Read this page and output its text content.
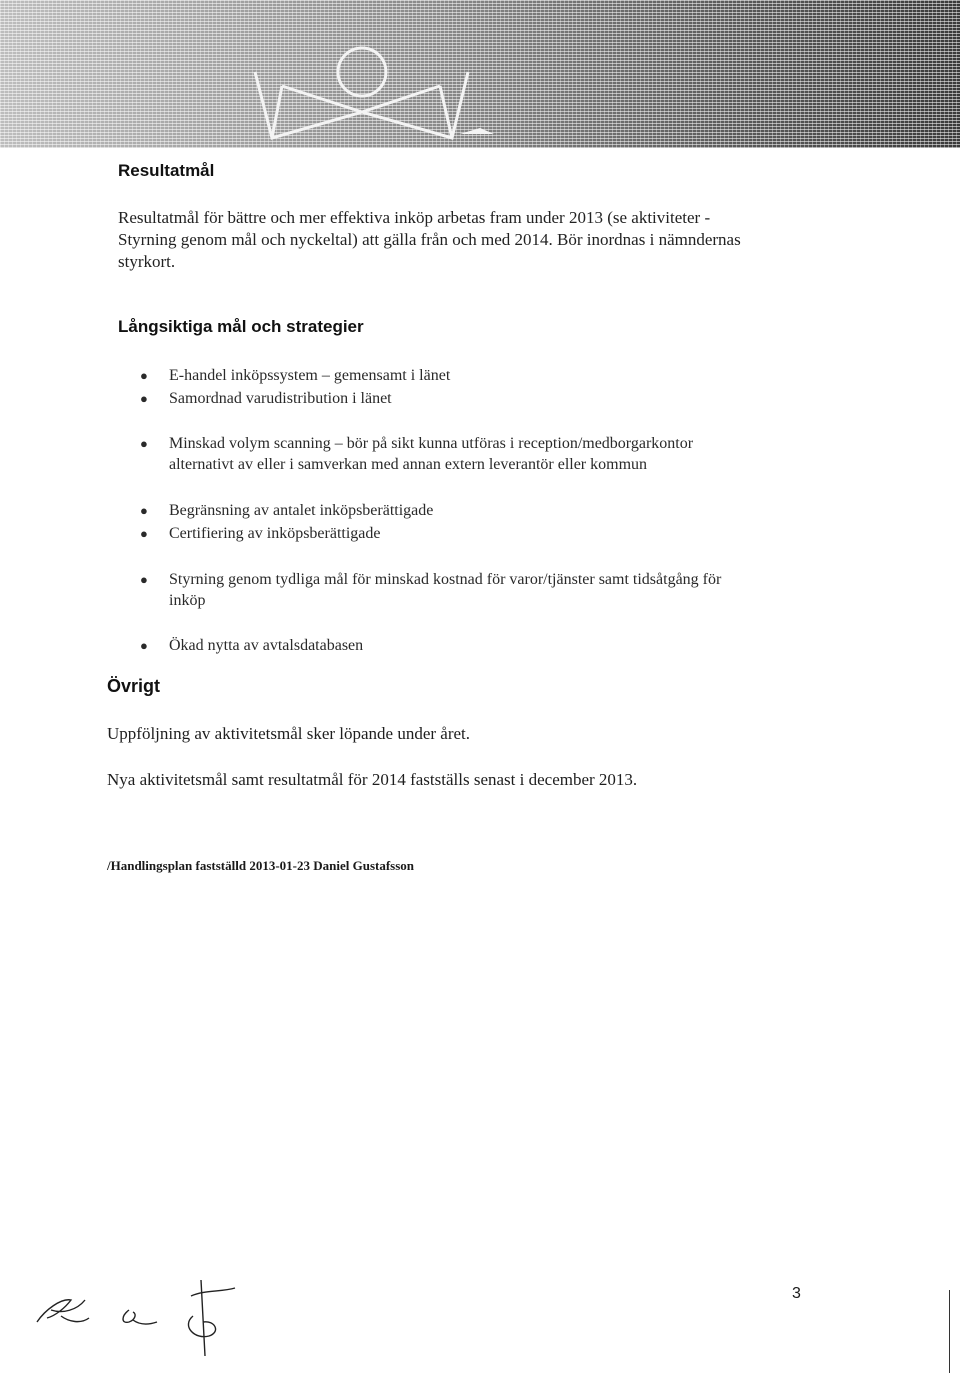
Resultatmål
Resultatmål för bättre och mer effektiva inköp arbetas fram under 2013 (se aktiviteter -
Styrning genom mål och nyckeltal) att gälla från och med 2014. Bör inordnas i nämndernas
styrkort.
Långsiktiga mål och strategier
●	E-handel inköpssystem – gemensamt i länet
●	Samordnad varudistribution i länet
●	Minskad volym scanning – bör på sikt kunna utföras i reception/medborgarkontor
alternativt av eller i samverkan med annan extern leverantör eller kommun
●	Begränsning av antalet inköpsberättigade
●	Certifiering av inköpsberättigade
●	Styrning genom tydliga mål för minskad kostnad för varor/tjänster samt tidsåtgång för
inköp
●	Ökad nytta av avtalsdatabasen
Övrigt
Uppföljning av aktivitetsmål sker löpande under året.
Nya aktivitetsmål samt resultatmål för 2014 fastställs senast i december 2013.
/Handlingsplan fastställd 2013-01-23 Daniel Gustafsson
3
